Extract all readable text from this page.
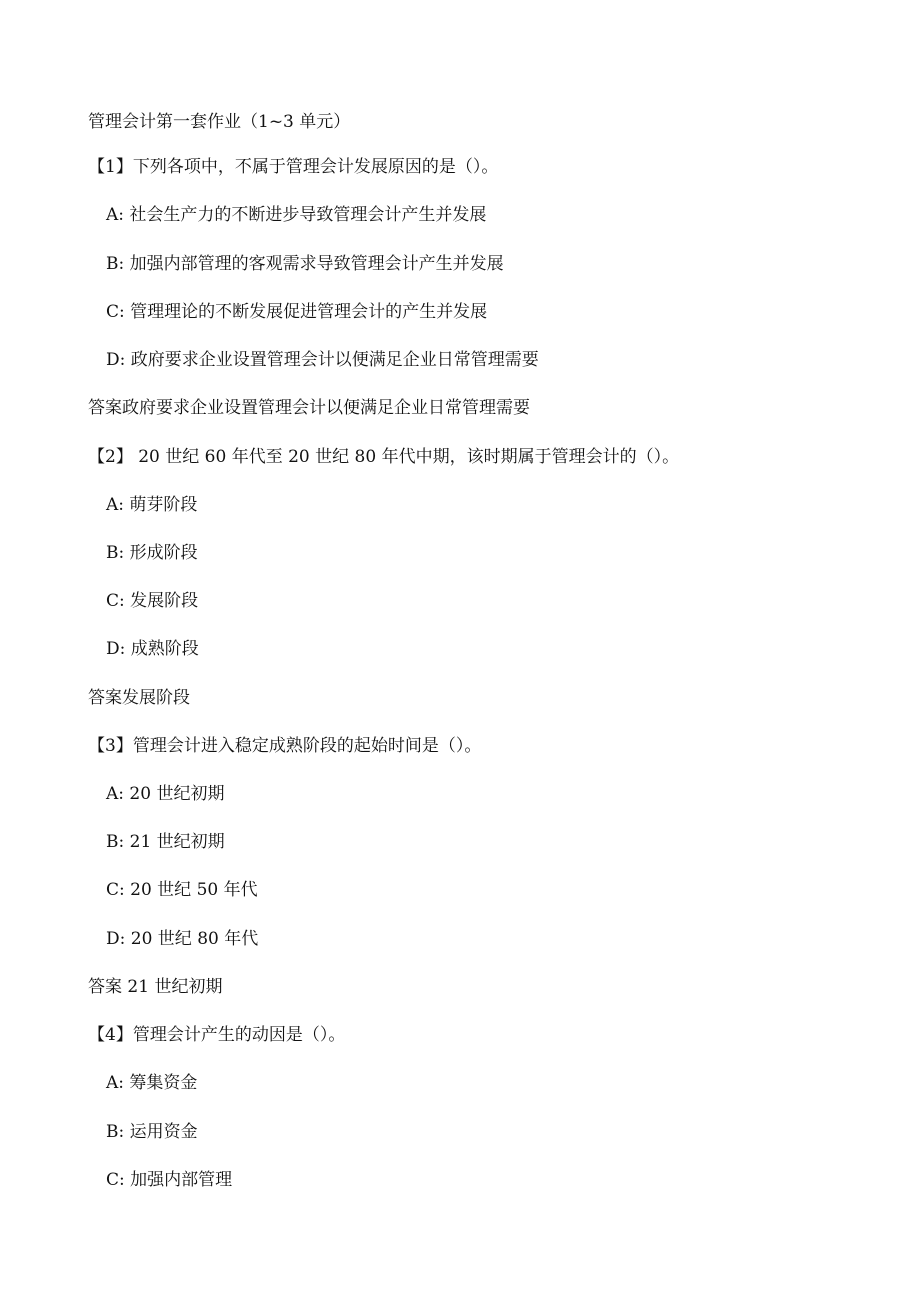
管理会计第一套作业（1~3 单元）
【1】下列各项中，不属于管理会计发展原因的是（）。
A: 社会生产力的不断进步导致管理会计产生并发展
B: 加强内部管理的客观需求导致管理会计产生并发展
C: 管理理论的不断发展促进管理会计的产生并发展
D: 政府要求企业设置管理会计以便满足企业日常管理需要
答案政府要求企业设置管理会计以便满足企业日常管理需要
【2】 20 世纪 60 年代至 20 世纪 80 年代中期，该时期属于管理会计的（）。
A: 萌芽阶段
B: 形成阶段
C: 发展阶段
D: 成熟阶段
答案发展阶段
【3】管理会计进入稳定成熟阶段的起始时间是（）。
A: 20 世纪初期
B: 21 世纪初期
C: 20 世纪 50 年代
D: 20 世纪 80 年代
答案 21 世纪初期
【4】管理会计产生的动因是（）。
A: 筹集资金
B: 运用资金
C: 加强内部管理
